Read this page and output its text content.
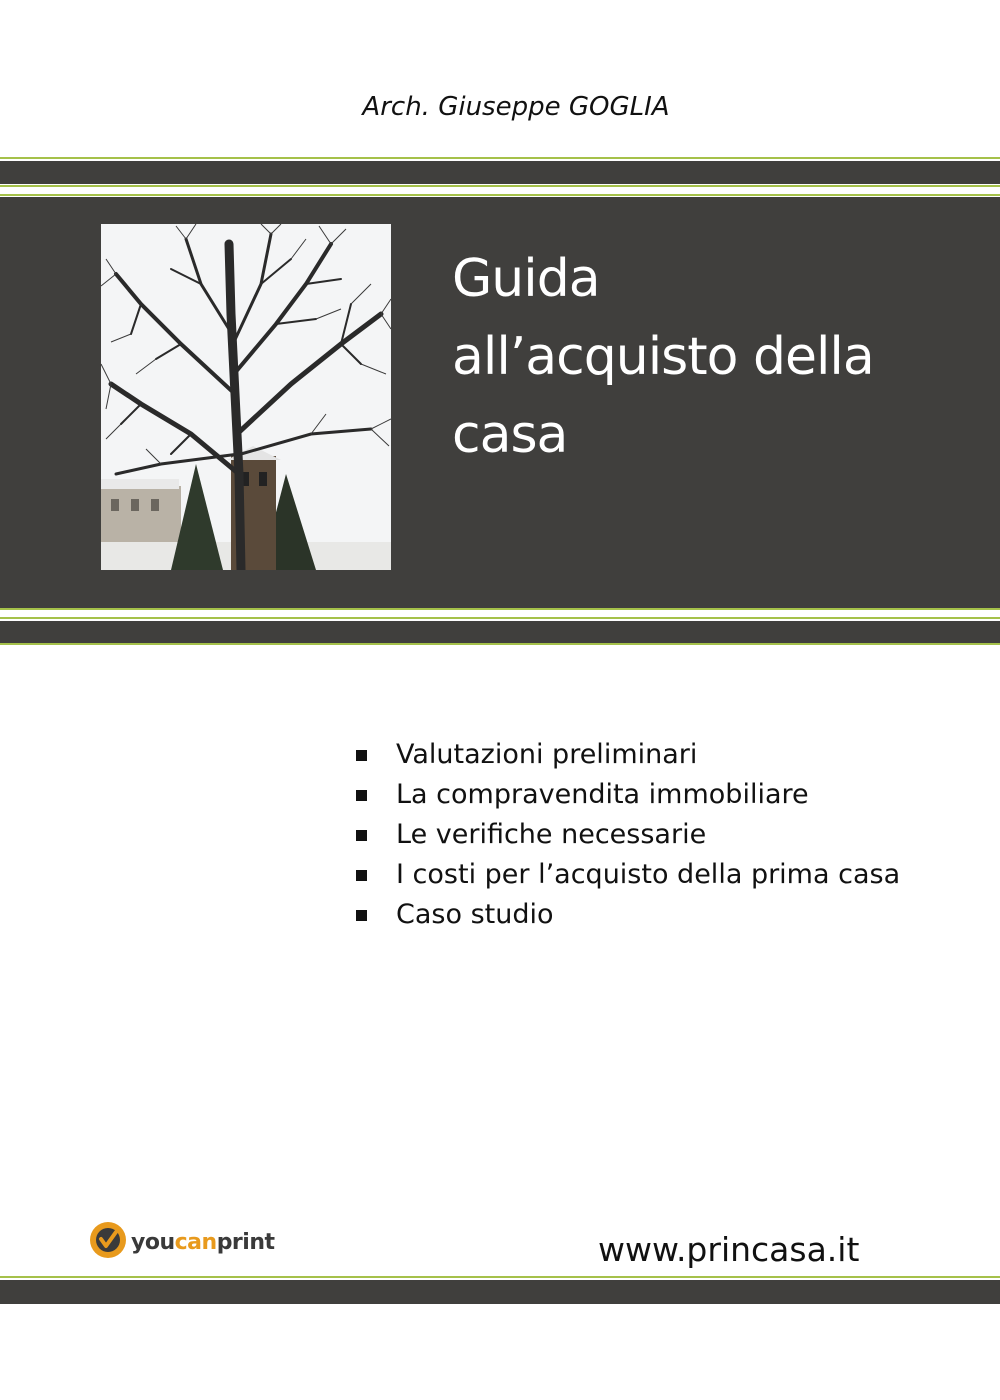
Arch. Giuseppe GOGLIA
Guida
all’acquisto della
casa
Valutazioni preliminari
La compravendita immobiliare
Le verifiche necessarie
I costi per l’acquisto della prima casa
Caso studio
youcanprint	www.princasa.it
